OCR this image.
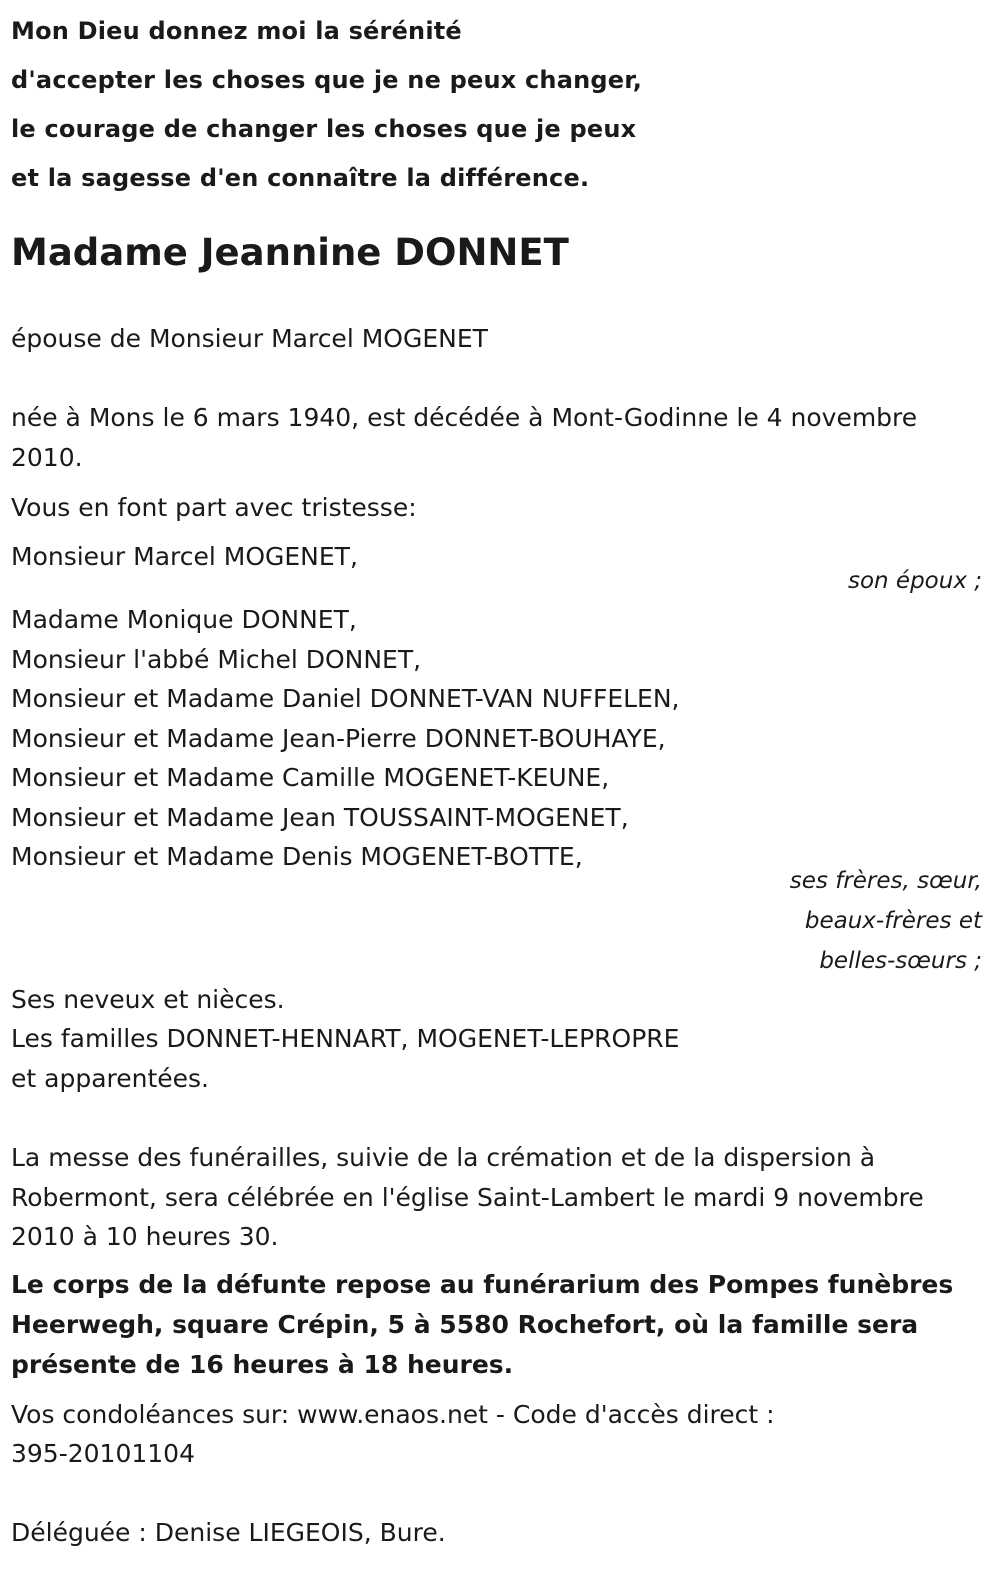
Mon Dieu donnez moi la sérénité
d'accepter les choses que je ne peux changer,
le courage de changer les choses que je peux
et la sagesse d'en connaître la différence.
Madame Jeannine DONNET
épouse de Monsieur Marcel MOGENET
née à Mons le 6 mars 1940, est décédée à Mont-Godinne le 4 novembre
2010.
Vous en font part avec tristesse:
Monsieur Marcel MOGENET,
son époux ;
Madame Monique DONNET,
Monsieur l'abbé Michel DONNET,
Monsieur et Madame Daniel DONNET-VAN NUFFELEN,
Monsieur et Madame Jean-Pierre DONNET-BOUHAYE,
Monsieur et Madame Camille MOGENET-KEUNE,
Monsieur et Madame Jean TOUSSAINT-MOGENET,
Monsieur et Madame Denis MOGENET-BOTTE,
ses frères, sœur,
beaux-frères et
belles-sœurs ;
Ses neveux et nièces.
Les familles DONNET-HENNART, MOGENET-LEPROPRE
et apparentées.
La messe des funérailles, suivie de la crémation et de la dispersion à
Robermont, sera célébrée en l'église Saint-Lambert le mardi 9 novembre
2010 à 10 heures 30.
Le corps de la défunte repose au funérarium des Pompes funèbres
Heerwegh, square Crépin, 5 à 5580 Rochefort, où la famille sera
présente de 16 heures à 18 heures.
Vos condoléances sur: www.enaos.net - Code d'accès direct :
395-20101104
Déléguée : Denise LIEGEOIS, Bure.
